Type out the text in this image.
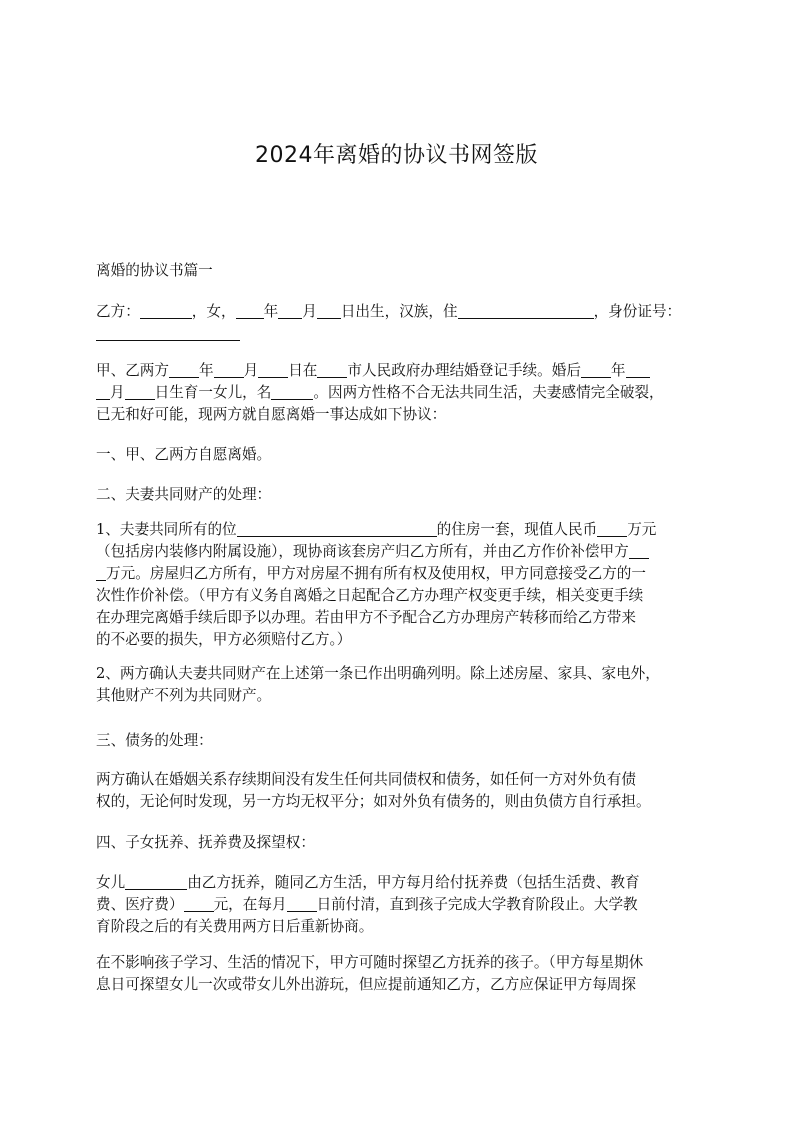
2024年离婚的协议书网签版

离婚的协议书篇一

乙方：	，女， 年 月 日出生，汉族，住	，身份证号：

甲、乙两方 年 月 日在 市人民政府办理结婚登记手续。婚后 年
月 日生育一女儿，名	。因两方性格不合无法共同生活，夫妻感情完全破裂，
已无和好可能，现两方就自愿离婚一事达成如下协议：

一、甲、乙两方自愿离婚。

二、夫妻共同财产的处理：

1、夫妻共同所有的位	的住房一套，现值人民币 万元
（包括房内装修内附属设施），现协商该套房产归乙方所有，并由乙方作价补偿甲方
万元。房屋归乙方所有，甲方对房屋不拥有所有权及使用权，甲方同意接受乙方的一
次性作价补偿。（甲方有义务自离婚之日起配合乙方办理产权变更手续，相关变更手续
在办理完离婚手续后即予以办理。若由甲方不予配合乙方办理房产转移而给乙方带来
的不必要的损失，甲方必须赔付乙方。）

2、两方确认夫妻共同财产在上述第一条已作出明确列明。除上述房屋、家具、家电外，
其他财产不列为共同财产。

三、债务的处理：

两方确认在婚姻关系存续期间没有发生任何共同债权和债务，如任何一方对外负有债
权的，无论何时发现，另一方均无权平分；如对外负有债务的，则由负债方自行承担。

四、子女抚养、抚养费及探望权：

女儿	由乙方抚养，随同乙方生活，甲方每月给付抚养费（包括生活费、教育
费、医疗费） 元，在每月 日前付清，直到孩子完成大学教育阶段止。大学教
育阶段之后的有关费用两方日后重新协商。

在不影响孩子学习、生活的情况下，甲方可随时探望乙方抚养的孩子。（甲方每星期休
息日可探望女儿一次或带女儿外出游玩，但应提前通知乙方，乙方应保证甲方每周探
